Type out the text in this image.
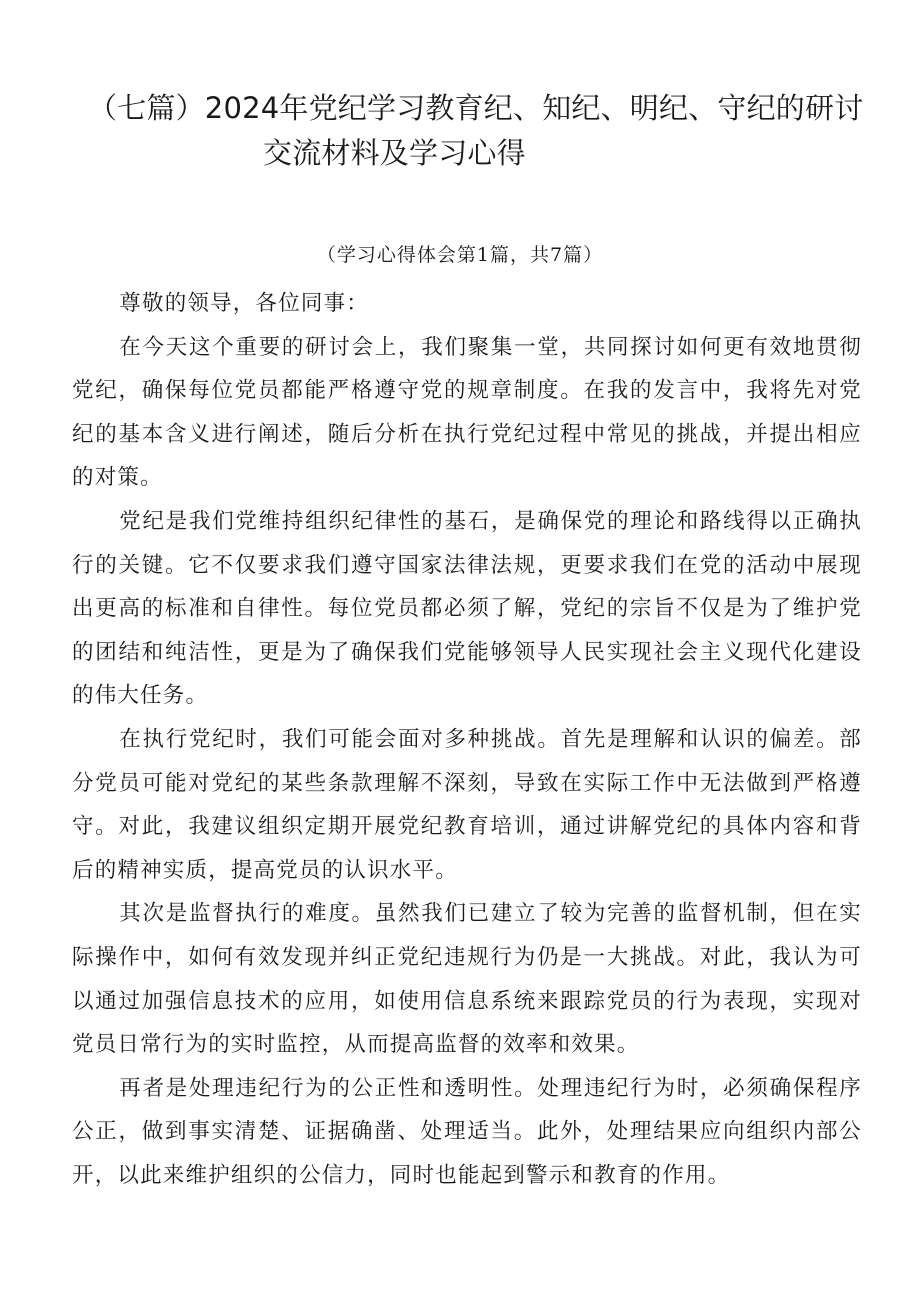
（七篇）2024年党纪学习教育纪、知纪、明纪、守纪的研讨
交流材料及学习心得

（学习心得体会第1篇，共7篇）

尊敬的领导，各位同事：

在今天这个重要的研讨会上，我们聚集一堂，共同探讨如何更有效地贯彻党纪，确保每位党员都能严格遵守党的规章制度。在我的发言中，我将先对党纪的基本含义进行阐述，随后分析在执行党纪过程中常见的挑战，并提出相应的对策。

党纪是我们党维持组织纪律性的基石，是确保党的理论和路线得以正确执行的关键。它不仅要求我们遵守国家法律法规，更要求我们在党的活动中展现出更高的标准和自律性。每位党员都必须了解，党纪的宗旨不仅是为了维护党的团结和纯洁性，更是为了确保我们党能够领导人民实现社会主义现代化建设的伟大任务。

在执行党纪时，我们可能会面对多种挑战。首先是理解和认识的偏差。部分党员可能对党纪的某些条款理解不深刻，导致在实际工作中无法做到严格遵守。对此，我建议组织定期开展党纪教育培训，通过讲解党纪的具体内容和背后的精神实质，提高党员的认识水平。

其次是监督执行的难度。虽然我们已建立了较为完善的监督机制，但在实际操作中，如何有效发现并纠正党纪违规行为仍是一大挑战。对此，我认为可以通过加强信息技术的应用，如使用信息系统来跟踪党员的行为表现，实现对党员日常行为的实时监控，从而提高监督的效率和效果。

再者是处理违纪行为的公正性和透明性。处理违纪行为时，必须确保程序公正，做到事实清楚、证据确凿、处理适当。此外，处理结果应向组织内部公开，以此来维护组织的公信力，同时也能起到警示和教育的作用。
